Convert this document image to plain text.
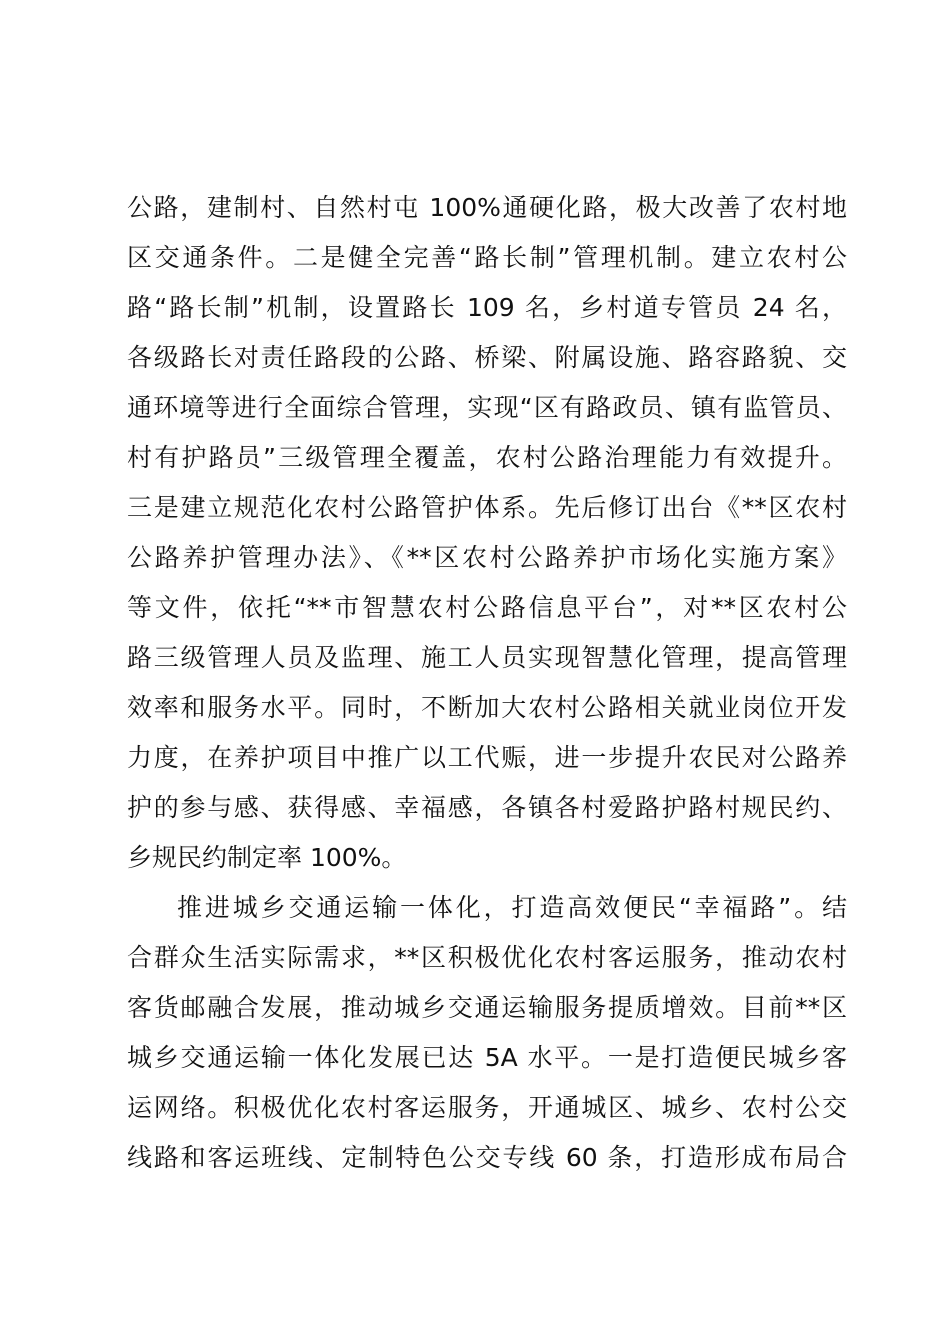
公路，建制村、自然村屯 100%通硬化路，极大改善了农村地
区交通条件。二是健全完善“路长制”管理机制。建立农村公
路“路长制”机制，设置路长 109 名，乡村道专管员 24 名，
各级路长对责任路段的公路、桥梁、附属设施、路容路貌、交
通环境等进行全面综合管理，实现“区有路政员、镇有监管员、
村有护路员”三级管理全覆盖，农村公路治理能力有效提升。
三是建立规范化农村公路管护体系。先后修订出台《**区农村
公路养护管理办法》、《**区农村公路养护市场化实施方案》
等文件，依托“**市智慧农村公路信息平台”，对**区农村公
路三级管理人员及监理、施工人员实现智慧化管理，提高管理
效率和服务水平。同时，不断加大农村公路相关就业岗位开发
力度，在养护项目中推广以工代赈，进一步提升农民对公路养
护的参与感、获得感、幸福感，各镇各村爱路护路村规民约、
乡规民约制定率 100%。
推进城乡交通运输一体化，打造高效便民“幸福路”。结
合群众生活实际需求，**区积极优化农村客运服务，推动农村
客货邮融合发展，推动城乡交通运输服务提质增效。目前**区
城乡交通运输一体化发展已达 5A 水平。一是打造便民城乡客
运网络。积极优化农村客运服务，开通城区、城乡、农村公交
线路和客运班线、定制特色公交专线 60 条，打造形成布局合
